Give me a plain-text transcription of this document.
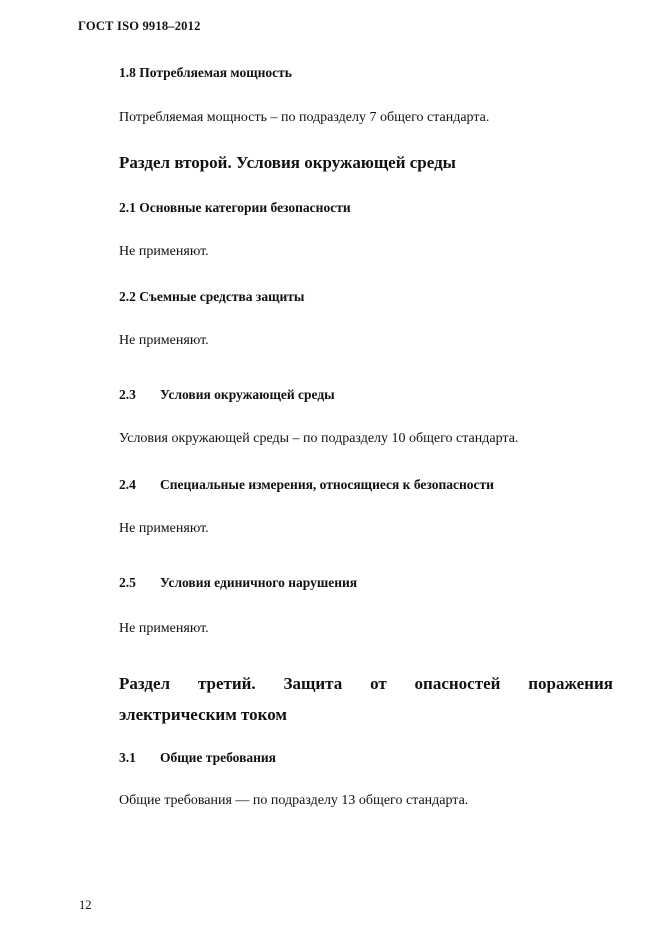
ГОСТ ISO 9918–2012
1.8 Потребляемая мощность
Потребляемая мощность – по подразделу 7 общего стандарта.
Раздел второй. Условия окружающей среды
2.1 Основные категории безопасности
Не применяют.
2.2 Съемные средства защиты
Не применяют.
2.3 Условия окружающей среды
Условия окружающей среды – по подразделу 10 общего стандарта.
2.4 Специальные измерения, относящиеся к безопасности
Не применяют.
2.5 Условия единичного нарушения
Не применяют.
Раздел третий. Защита от опасностей поражения
электрическим током
3.1 Общие требования
Общие требования — по подразделу 13 общего стандарта.
12
